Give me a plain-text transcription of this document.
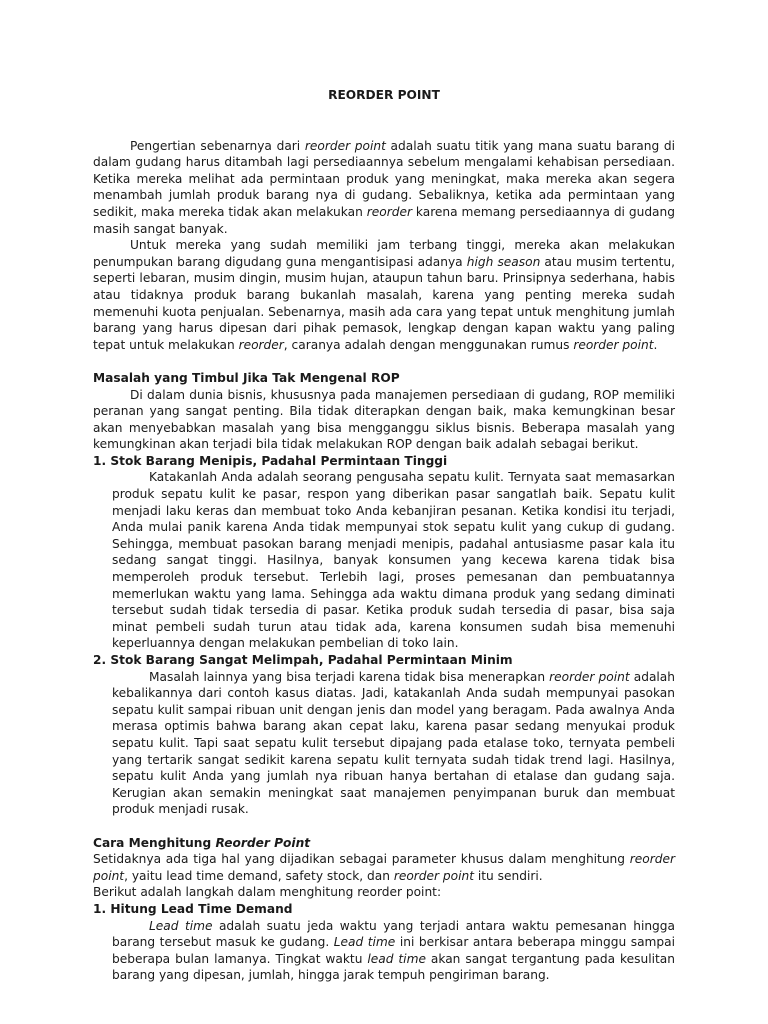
REORDER POINT

Pengertian sebenarnya dari reorder point adalah suatu titik yang mana suatu barang di dalam gudang harus ditambah lagi persediaannya sebelum mengalami kehabisan persediaan. Ketika mereka melihat ada permintaan produk yang meningkat, maka mereka akan segera menambah jumlah produk barang nya di gudang. Sebaliknya, ketika ada permintaan yang sedikit, maka mereka tidak akan melakukan reorder karena memang persediaannya di gudang masih sangat banyak.

Untuk mereka yang sudah memiliki jam terbang tinggi, mereka akan melakukan penumpukan barang digudang guna mengantisipasi adanya high season atau musim tertentu, seperti lebaran, musim dingin, musim hujan, ataupun tahun baru. Prinsipnya sederhana, habis atau tidaknya produk barang bukanlah masalah, karena yang penting mereka sudah memenuhi kuota penjualan. Sebenarnya, masih ada cara yang tepat untuk menghitung jumlah barang yang harus dipesan dari pihak pemasok, lengkap dengan kapan waktu yang paling tepat untuk melakukan reorder, caranya adalah dengan menggunakan rumus reorder point.

Masalah yang Timbul Jika Tak Mengenal ROP

Di dalam dunia bisnis, khususnya pada manajemen persediaan di gudang, ROP memiliki peranan yang sangat penting. Bila tidak diterapkan dengan baik, maka kemungkinan besar akan menyebabkan masalah yang bisa mengganggu siklus bisnis. Beberapa masalah yang kemungkinan akan terjadi bila tidak melakukan ROP dengan baik adalah sebagai berikut.

1. Stok Barang Menipis, Padahal Permintaan Tinggi

Katakanlah Anda adalah seorang pengusaha sepatu kulit. Ternyata saat memasarkan produk sepatu kulit ke pasar, respon yang diberikan pasar sangatlah baik. Sepatu kulit menjadi laku keras dan membuat toko Anda kebanjiran pesanan. Ketika kondisi itu terjadi, Anda mulai panik karena Anda tidak mempunyai stok sepatu kulit yang cukup di gudang. Sehingga, membuat pasokan barang menjadi menipis, padahal antusiasme pasar kala itu sedang sangat tinggi. Hasilnya, banyak konsumen yang kecewa karena tidak bisa memperoleh produk tersebut. Terlebih lagi, proses pemesanan dan pembuatannya memerlukan waktu yang lama. Sehingga ada waktu dimana produk yang sedang diminati tersebut sudah tidak tersedia di pasar. Ketika produk sudah tersedia di pasar, bisa saja minat pembeli sudah turun atau tidak ada, karena konsumen sudah bisa memenuhi keperluannya dengan melakukan pembelian di toko lain.

2. Stok Barang Sangat Melimpah, Padahal Permintaan Minim

Masalah lainnya yang bisa terjadi karena tidak bisa menerapkan reorder point adalah kebalikannya dari contoh kasus diatas. Jadi, katakanlah Anda sudah mempunyai pasokan sepatu kulit sampai ribuan unit dengan jenis dan model yang beragam. Pada awalnya Anda merasa optimis bahwa barang akan cepat laku, karena pasar sedang menyukai produk sepatu kulit. Tapi saat sepatu kulit tersebut dipajang pada etalase toko, ternyata pembeli yang tertarik sangat sedikit karena sepatu kulit ternyata sudah tidak trend lagi. Hasilnya, sepatu kulit Anda yang jumlah nya ribuan hanya bertahan di etalase dan gudang saja. Kerugian akan semakin meningkat saat manajemen penyimpanan buruk dan membuat produk menjadi rusak.

Cara Menghitung Reorder Point

Setidaknya ada tiga hal yang dijadikan sebagai parameter khusus dalam menghitung reorder point, yaitu lead time demand, safety stock, dan reorder point itu sendiri.

Berikut adalah langkah dalam menghitung reorder point:

1. Hitung Lead Time Demand

Lead time adalah suatu jeda waktu yang terjadi antara waktu pemesanan hingga barang tersebut masuk ke gudang. Lead time ini berkisar antara beberapa minggu sampai beberapa bulan lamanya. Tingkat waktu lead time akan sangat tergantung pada kesulitan barang yang dipesan, jumlah, hingga jarak tempuh pengiriman barang.
